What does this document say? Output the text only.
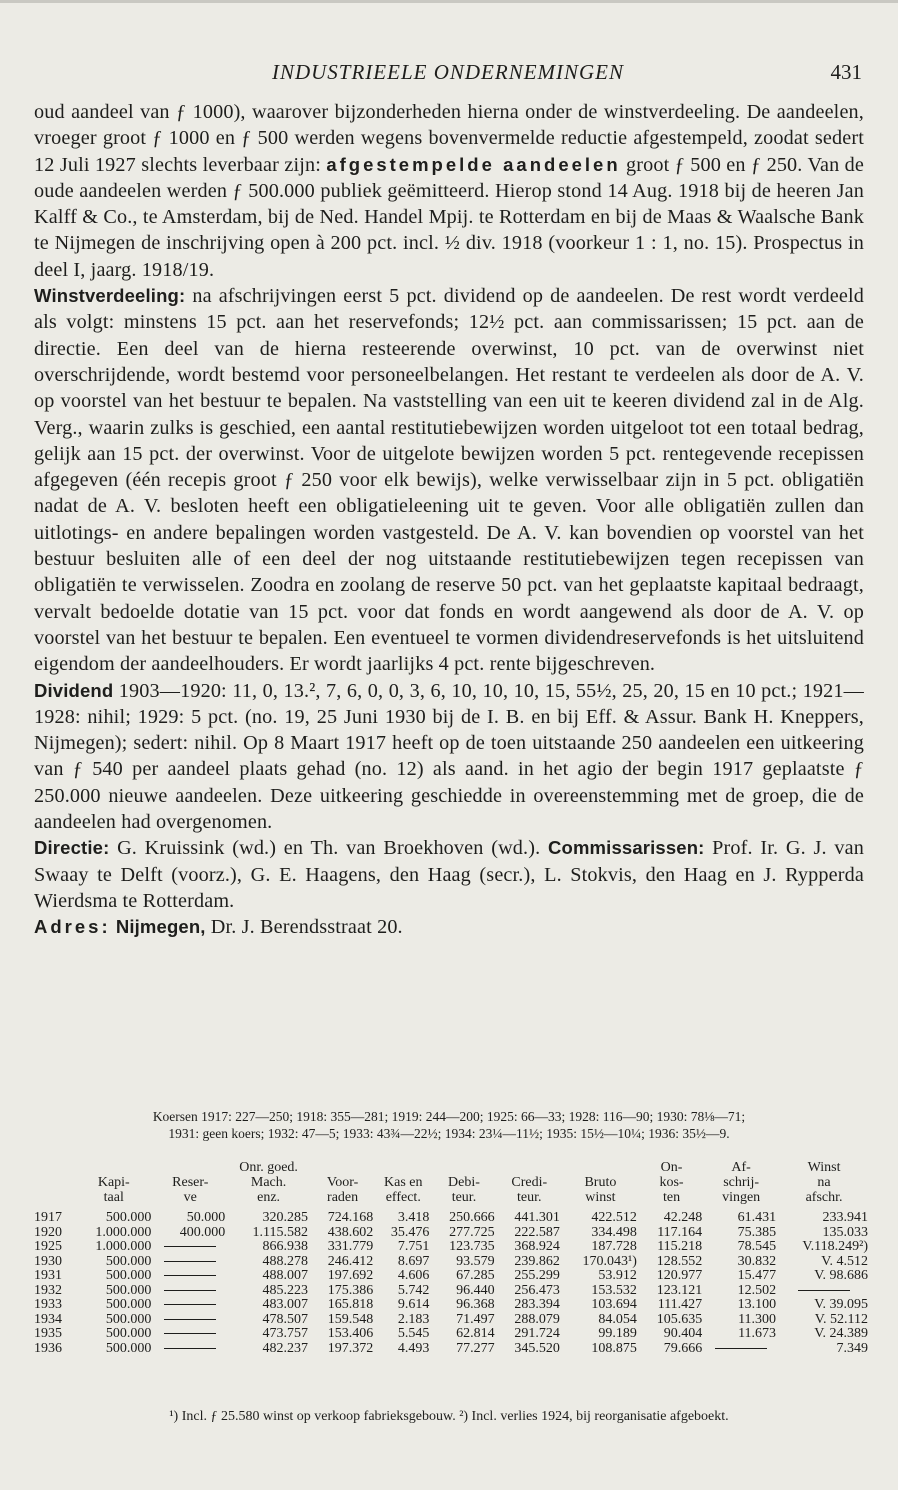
INDUSTRIEELE ONDERNEMINGEN	431

oud aandeel van ƒ 1000), waarover bijzonderheden hierna onder de winstverdeeling. De aandeelen, vroeger groot ƒ 1000 en ƒ 500 werden wegens bovenvermelde reductie afgestempeld, zoodat sedert 12 Juli 1927 slechts leverbaar zijn: afgestempelde aandeelen groot ƒ 500 en ƒ 250. Van de oude aandeelen werden ƒ 500.000 publiek geëmitteerd. Hierop stond 14 Aug. 1918 bij de heeren Jan Kalff & Co., te Amsterdam, bij de Ned. Handel Mpij. te Rotterdam en bij de Maas & Waalsche Bank te Nijmegen de inschrijving open à 200 pct. incl. ½ div. 1918 (voorkeur 1 : 1, no. 15). Prospectus in deel I, jaarg. 1918/19.

Winstverdeeling: na afschrijvingen eerst 5 pct. dividend op de aandeelen. De rest wordt verdeeld als volgt: minstens 15 pct. aan het reservefonds; 12½ pct. aan commissarissen; 15 pct. aan de directie. Een deel van de hierna resteerende overwinst, 10 pct. van de overwinst niet overschrijdende, wordt bestemd voor personeelbelangen. Het restant te verdeelen als door de A. V. op voorstel van het bestuur te bepalen. Na vaststelling van een uit te keeren dividend zal in de Alg. Verg., waarin zulks is geschied, een aantal restitutiebewijzen worden uitgeloot tot een totaal bedrag, gelijk aan 15 pct. der overwinst. Voor de uitgelote bewijzen worden 5 pct. rentegevende recepissen afgegeven (één recepis groot ƒ 250 voor elk bewijs), welke verwisselbaar zijn in 5 pct. obligatiën nadat de A. V. besloten heeft een obligatieleening uit te geven. Voor alle obligatiën zullen dan uitlotings- en andere bepalingen worden vastgesteld. De A. V. kan bovendien op voorstel van het bestuur besluiten alle of een deel der nog uitstaande restitutiebewijzen tegen recepissen van obligatiën te verwisselen. Zoodra en zoolang de reserve 50 pct. van het geplaatste kapitaal bedraagt, vervalt bedoelde dotatie van 15 pct. voor dat fonds en wordt aangewend als door de A. V. op voorstel van het bestuur te bepalen. Een eventueel te vormen dividendreservefonds is het uitsluitend eigendom der aandeelhouders. Er wordt jaarlijks 4 pct. rente bijgeschreven.

Dividend 1903—1920: 11, 0, 13.², 7, 6, 0, 0, 3, 6, 10, 10, 10, 15, 55½, 25, 20, 15 en 10 pct.; 1921—1928: nihil; 1929: 5 pct. (no. 19, 25 Juni 1930 bij de I. B. en bij Eff. & Assur. Bank H. Kneppers, Nijmegen); sedert: nihil. Op 8 Maart 1917 heeft op de toen uitstaande 250 aandeelen een uitkeering van ƒ 540 per aandeel plaats gehad (no. 12) als aand. in het agio der begin 1917 geplaatste ƒ 250.000 nieuwe aandeelen. Deze uitkeering geschiedde in overeenstemming met de groep, die de aandeelen had overgenomen.

Directie: G. Kruissink (wd.) en Th. van Broekhoven (wd.). Commissarissen: Prof. Ir. G. J. van Swaay te Delft (voorz.), G. E. Haagens, den Haag (secr.), L. Stokvis, den Haag en J. Rypperda Wierdsma te Rotterdam.

Adres: Nijmegen, Dr. J. Berendsstraat 20.

Koersen 1917: 227—250; 1918: 355—281; 1919: 244—200; 1925: 66—33; 1928: 116—90; 1930: 78⅛—71;
1931: geen koers; 1932: 47—5; 1933: 43¾—22½; 1934: 23¼—11½; 1935: 15½—10¼; 1936: 35½—9.
			Onr. goed.						On-	Af-	Winst
	Kapi-	Reser-	Mach.	Voor-	Kas en	Debi-	Credi-	Bruto	kos-	schrij-	na
	taal	ve	enz.	raden	effect.	teur.	teur.	winst	ten	vingen	afschr.
1917	500.000	50.000	320.285	724.168	3.418	250.666	441.301	422.512	42.248	61.431	233.941
1920	1.000.000	400.000	1.115.582	438.602	35.476	277.725	222.587	334.498	117.164	75.385	135.033
1925	1.000.000		866.938	331.779	7.751	123.735	368.924	187.728	115.218	78.545	V.118.249²)
1930	500.000		488.278	246.412	8.697	93.579	239.862	170.043¹)	128.552	30.832	V. 4.512
1931	500.000		488.007	197.692	4.606	67.285	255.299	53.912	120.977	15.477	V. 98.686
1932	500.000		485.223	175.386	5.742	96.440	256.473	153.532	123.121	12.502	
1933	500.000		483.007	165.818	9.614	96.368	283.394	103.694	111.427	13.100	V. 39.095
1934	500.000		478.507	159.548	2.183	71.497	288.079	84.054	105.635	11.300	V. 52.112
1935	500.000		473.757	153.406	5.545	62.814	291.724	99.189	90.404	11.673	V. 24.389
1936	500.000		482.237	197.372	4.493	77.277	345.520	108.875	79.666		7.349
¹) Incl. ƒ 25.580 winst op verkoop fabrieksgebouw. ²) Incl. verlies 1924, bij reorganisatie afgeboekt.
